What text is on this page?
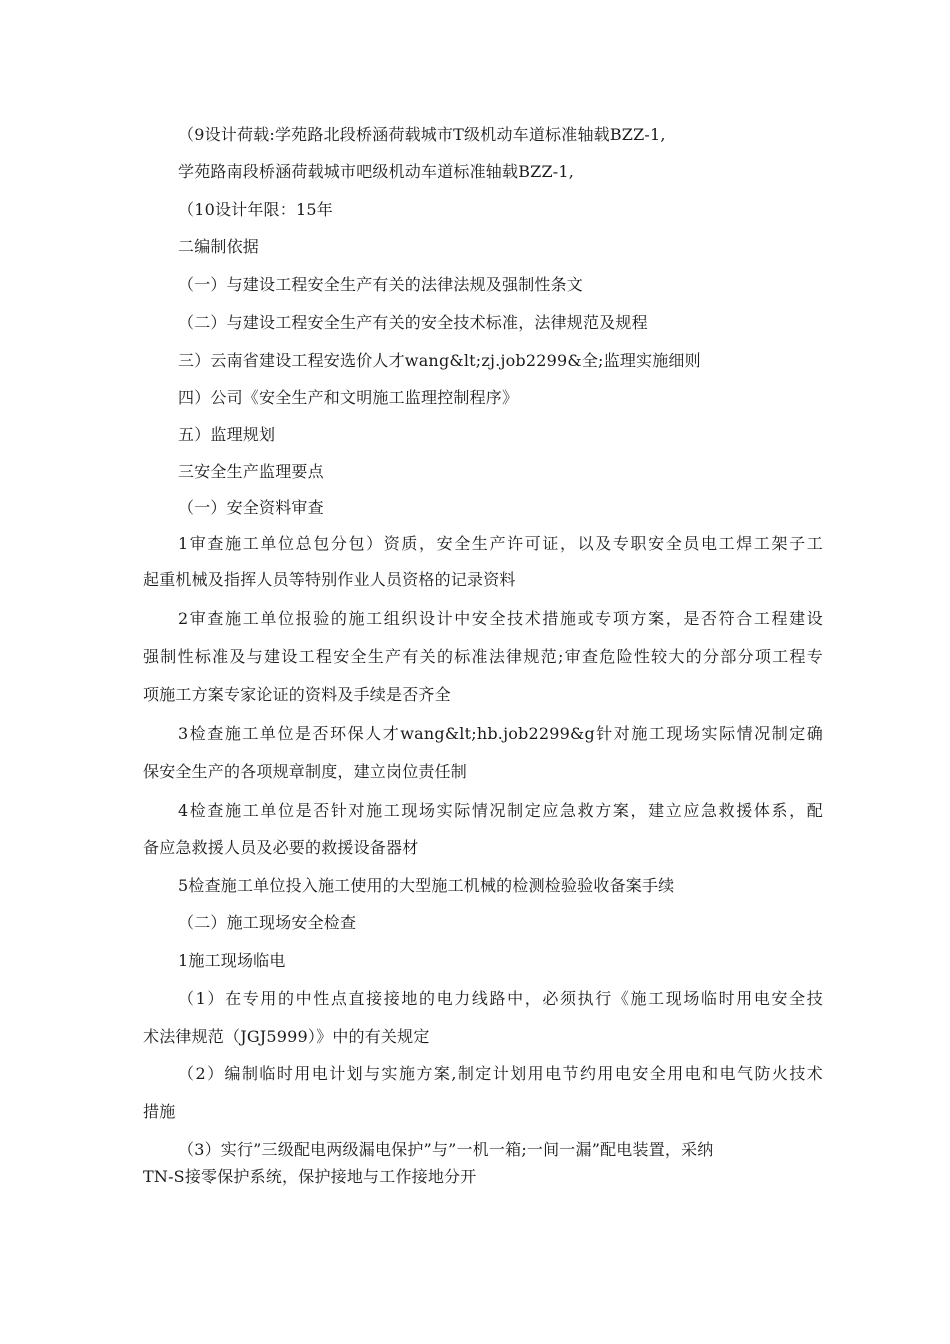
（9设计荷载:学苑路北段桥涵荷载城市T级机动车道标准轴载BZZ-1,
学苑路南段桥涵荷载城市吧级机动车道标准轴载BZZ-1,
（10设计年限：15年
二编制依据
（一）与建设工程安全生产有关的法律法规及强制性条文
（二）与建设工程安全生产有关的安全技术标准，法律规范及规程
三）云南省建设工程安选价人才wang&lt;zj.job2299&全;监理实施细则
四）公司《安全生产和文明施工监理控制程序》
五）监理规划
三安全生产监理要点
（一）安全资料审查
1审查施工单位总包分包）资质，安全生产许可证，以及专职安全员电工焊工架子工
起重机械及指挥人员等特别作业人员资格的记录资料
2审查施工单位报验的施工组织设计中安全技术措施或专项方案，是否符合工程建设
强制性标准及与建设工程安全生产有关的标准法律规范;审查危险性较大的分部分项工程专
项施工方案专家论证的资料及手续是否齐全
3检查施工单位是否环保人才wang&lt;hb.job2299&g针对施工现场实际情况制定确
保安全生产的各项规章制度，建立岗位责任制
4检查施工单位是否针对施工现场实际情况制定应急救方案，建立应急救援体系，配
备应急救援人员及必要的救援设备器材
5检查施工单位投入施工使用的大型施工机械的检测检验验收备案手续
（二）施工现场安全检查
1施工现场临电
（1）在专用的中性点直接接地的电力线路中，必须执行《施工现场临时用电安全技
术法律规范（JGJ5999）》中的有关规定
（2）编制临时用电计划与实施方案,制定计划用电节约用电安全用电和电气防火技术
措施
（3）实行”三级配电两级漏电保护”与”一机一箱;一间一漏”配电装置，采纳
TN-S接零保护系统，保护接地与工作接地分开
